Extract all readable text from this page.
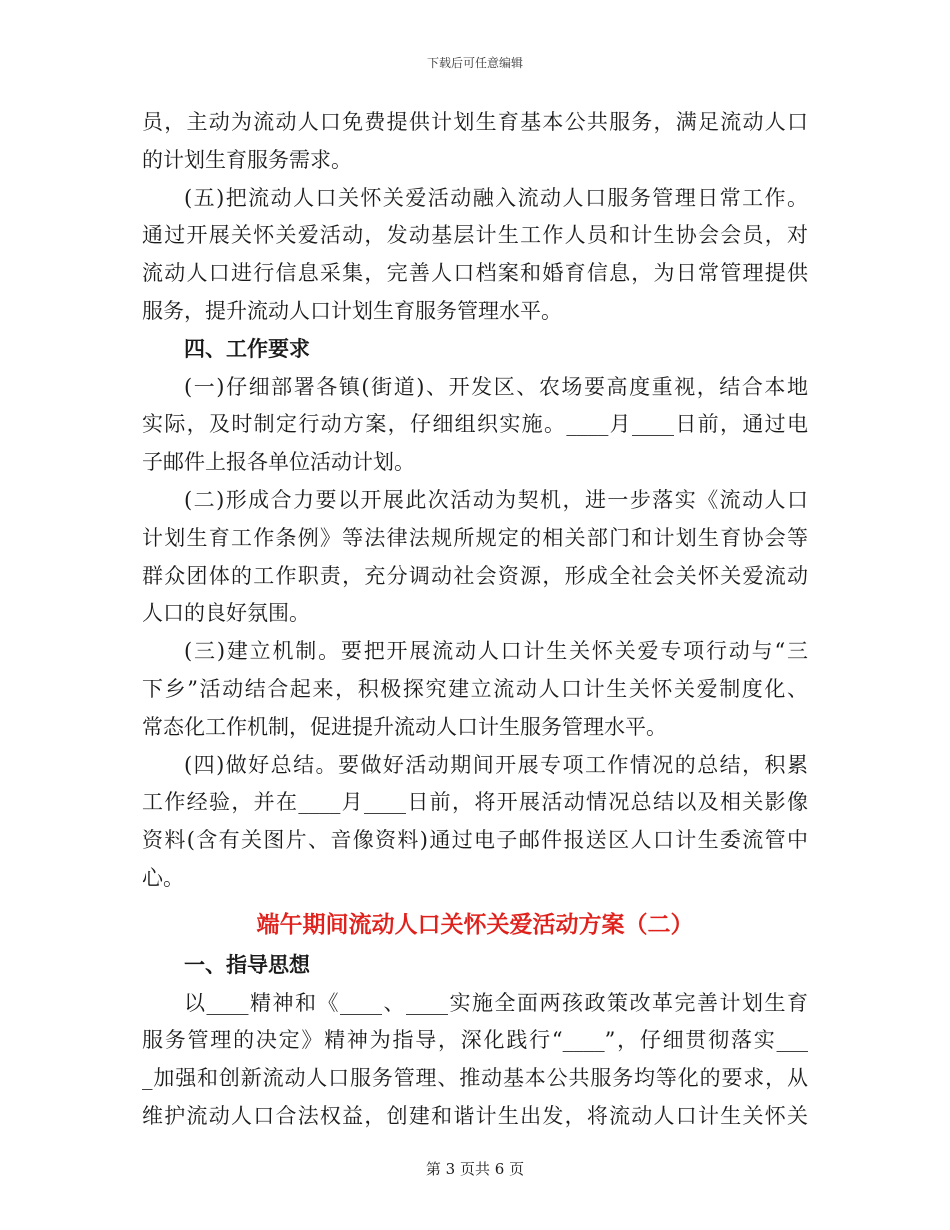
下载后可任意编辑
员，主动为流动人口免费提供计划生育基本公共服务，满足流动人口
的计划生育服务需求。
(五)把流动人口关怀关爱活动融入流动人口服务管理日常工作。
通过开展关怀关爱活动，发动基层计生工作人员和计生协会会员，对
流动人口进行信息采集，完善人口档案和婚育信息，为日常管理提供
服务，提升流动人口计划生育服务管理水平。
四、工作要求
(一)仔细部署各镇(街道)、开发区、农场要高度重视，结合本地
实际，及时制定行动方案，仔细组织实施。____月____日前，通过电
子邮件上报各单位活动计划。
(二)形成合力要以开展此次活动为契机，进一步落实《流动人口
计划生育工作条例》等法律法规所规定的相关部门和计划生育协会等
群众团体的工作职责，充分调动社会资源，形成全社会关怀关爱流动
人口的良好氛围。
(三)建立机制。要把开展流动人口计生关怀关爱专项行动与“三
下乡”活动结合起来，积极探究建立流动人口计生关怀关爱制度化、
常态化工作机制，促进提升流动人口计生服务管理水平。
(四)做好总结。要做好活动期间开展专项工作情况的总结，积累
工作经验，并在____月____日前，将开展活动情况总结以及相关影像
资料(含有关图片、音像资料)通过电子邮件报送区人口计生委流管中
心。
端午期间流动人口关怀关爱活动方案（二）
一、指导思想
以____精神和《____、____实施全面两孩政策改革完善计划生育
服务管理的决定》精神为指导，深化践行“____”，仔细贯彻落实___
_加强和创新流动人口服务管理、推动基本公共服务均等化的要求，从
维护流动人口合法权益，创建和谐计生出发，将流动人口计生关怀关
第 3 页共 6 页
